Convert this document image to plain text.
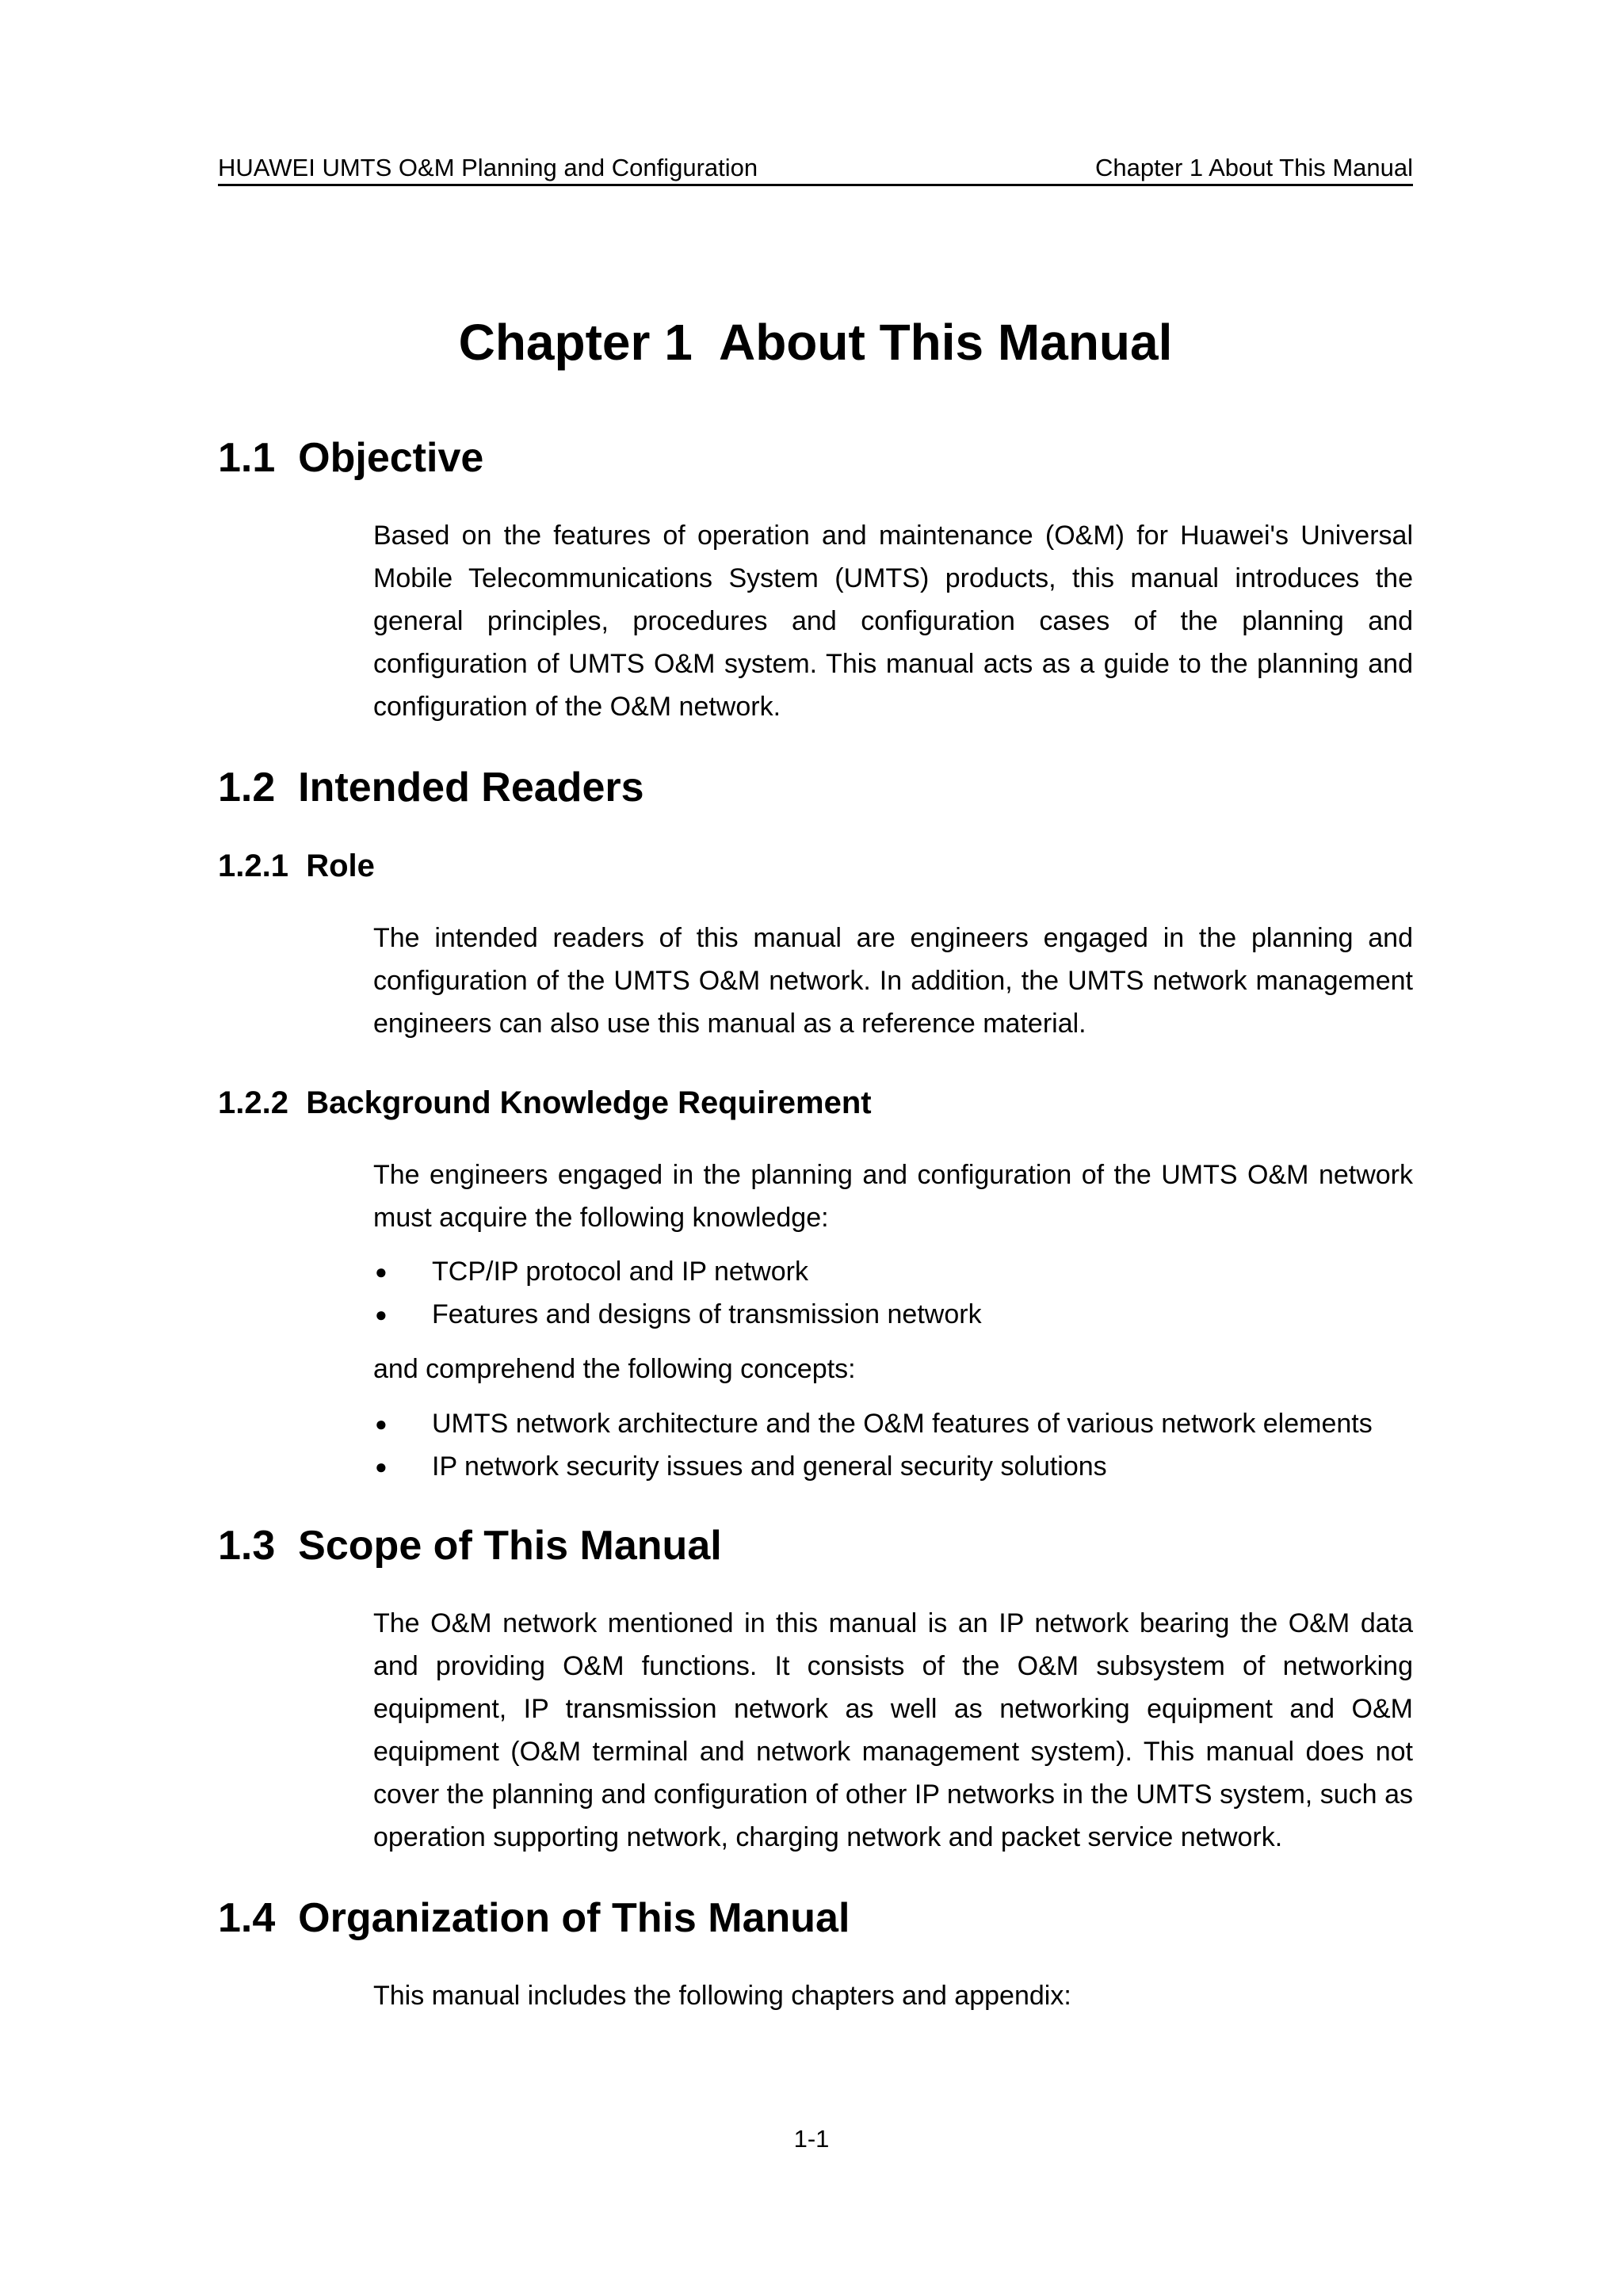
HUAWEI UMTS O&M Planning and Configuration	Chapter 1 About This Manual
Chapter 1  About This Manual
1.1  Objective

Based on the features of operation and maintenance (O&M) for Huawei's Universal Mobile Telecommunications System (UMTS) products, this manual introduces the general principles, procedures and configuration cases of the planning and configuration of UMTS O&M system. This manual acts as a guide to the planning and configuration of the O&M network.

1.2  Intended Readers
1.2.1  Role

The intended readers of this manual are engineers engaged in the planning and configuration of the UMTS O&M network. In addition, the UMTS network management engineers can also use this manual as a reference material.

1.2.2  Background Knowledge Requirement

The engineers engaged in the planning and configuration of the UMTS O&M network must acquire the following knowledge:

● TCP/IP protocol and IP network
● Features and designs of transmission network

and comprehend the following concepts:

● UMTS network architecture and the O&M features of various network elements
● IP network security issues and general security solutions
1.3  Scope of This Manual

The O&M network mentioned in this manual is an IP network bearing the O&M data and providing O&M functions. It consists of the O&M subsystem of networking equipment, IP transmission network as well as networking equipment and O&M equipment (O&M terminal and network management system). This manual does not cover the planning and configuration of other IP networks in the UMTS system, such as operation supporting network, charging network and packet service network.

1.4  Organization of This Manual

This manual includes the following chapters and appendix:

1-1
